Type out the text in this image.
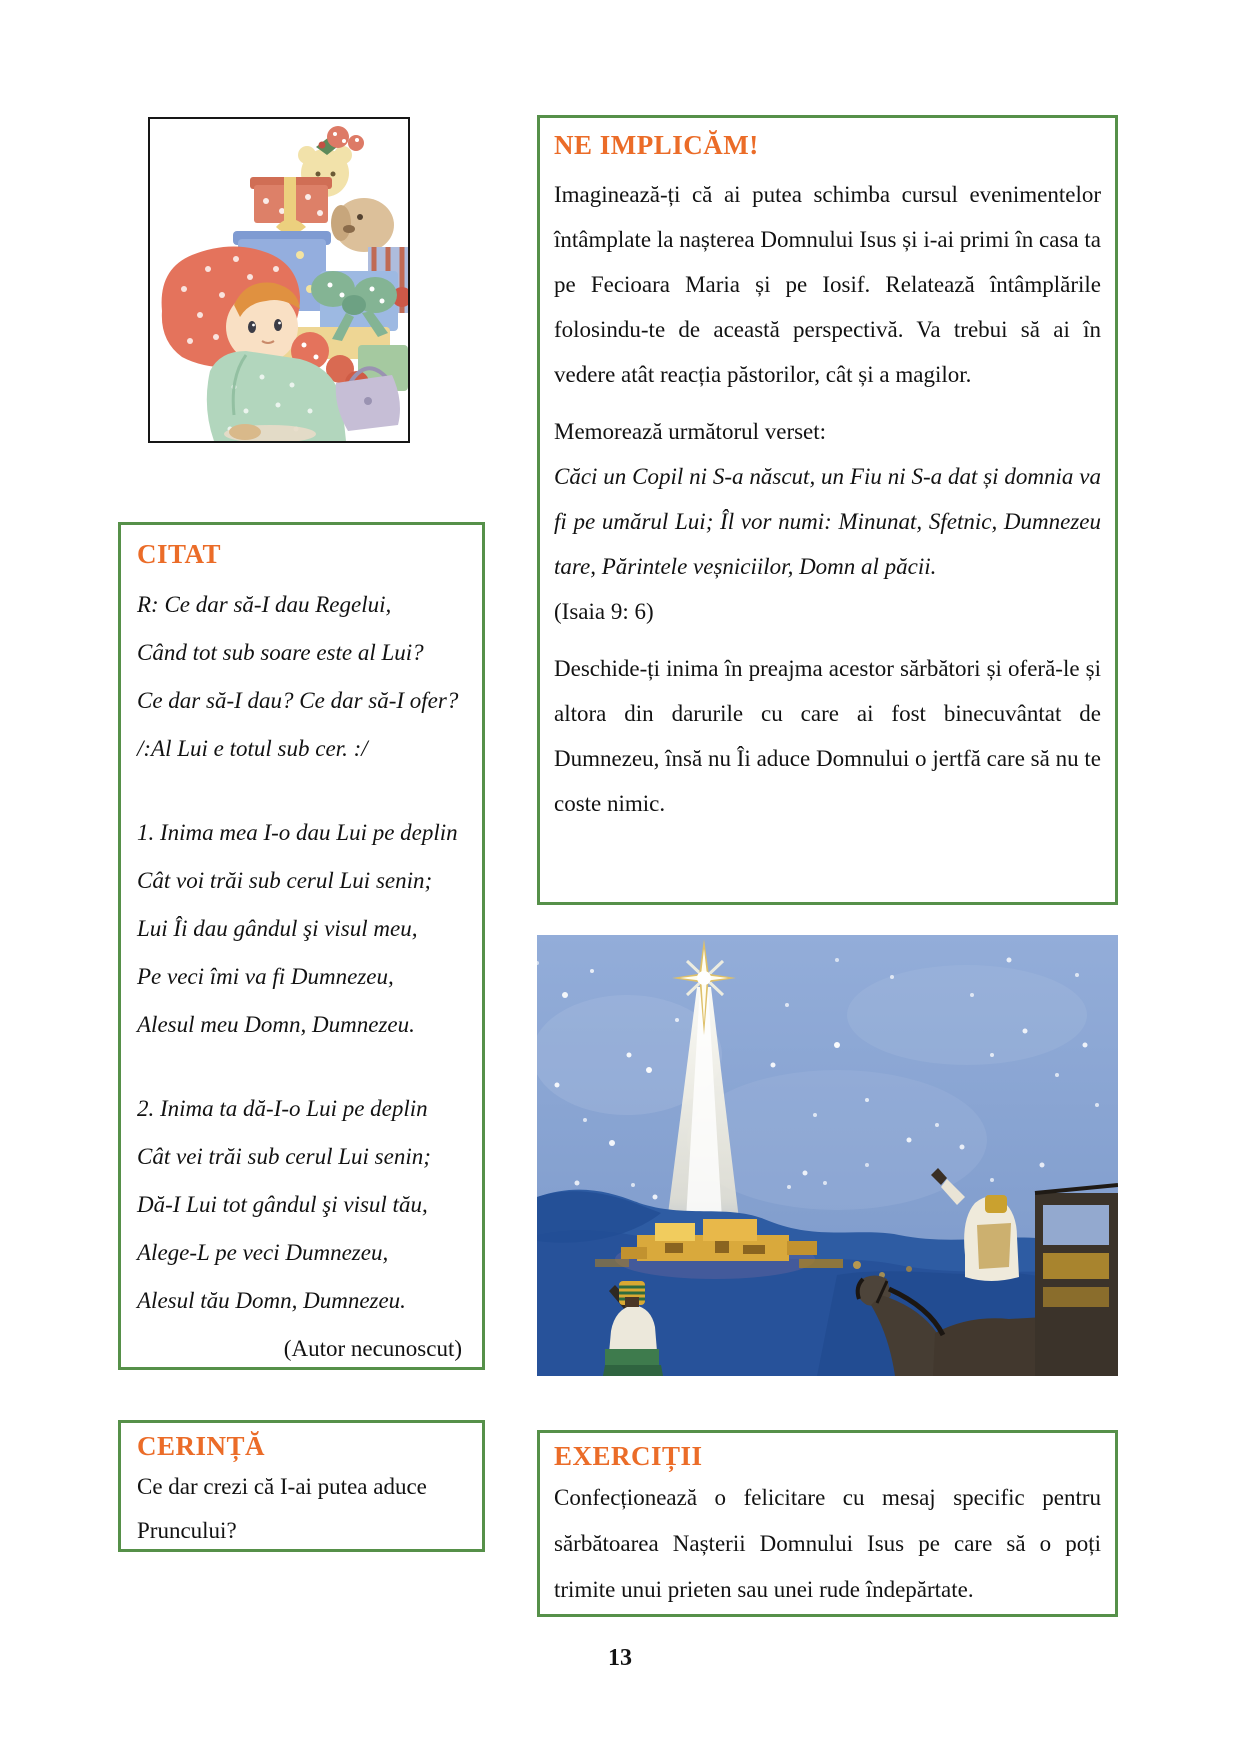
CITAT
R: Ce dar să-I dau Regelui,
Când tot sub soare este al Lui?
Ce dar să-I dau? Ce dar să-I ofer?
/:Al Lui e totul sub cer. :/
1. Inima mea I-o dau Lui pe deplin
Cât voi trăi sub cerul Lui senin;
Lui Îi dau gândul şi visul meu,
Pe veci îmi va fi Dumnezeu,
Alesul meu Domn, Dumnezeu.
2. Inima ta dă-I-o Lui pe deplin
Cât vei trăi sub cerul Lui senin;
Dă-I Lui tot gândul şi visul tău,
Alege-L pe veci Dumnezeu,
Alesul tău Domn, Dumnezeu.
(Autor necunoscut)
CERINȚĂ
Ce dar crezi că I-ai putea aduce Pruncului?
NE IMPLICĂM!
Imaginează-ți că ai putea schimba cursul evenimentelor întâmplate la nașterea Domnului Isus și i-ai primi în casa ta pe Fecioara Maria și pe Iosif. Relatează întâmplările folosindu-te de această perspectivă. Va trebui să ai în vedere atât reacția păstorilor, cât și a magilor.
Memorează următorul verset:
Căci un Copil ni S-a născut, un Fiu ni S-a dat și domnia va fi pe umărul Lui; Îl vor numi: Minunat, Sfetnic, Dumnezeu tare, Părintele veșniciilor, Domn al păcii.
(Isaia 9: 6)
Deschide-ți inima în preajma acestor sărbători și oferă-le și altora din darurile cu care ai fost binecuvântat de Dumnezeu, însă nu Îi aduce Domnului o jertfă care să nu te coste nimic.
EXERCIȚII
Confecționează o felicitare cu mesaj specific pentru sărbătoarea Nașterii Domnului Isus pe care să o poți trimite unui prieten sau unei rude îndepărtate.
13
